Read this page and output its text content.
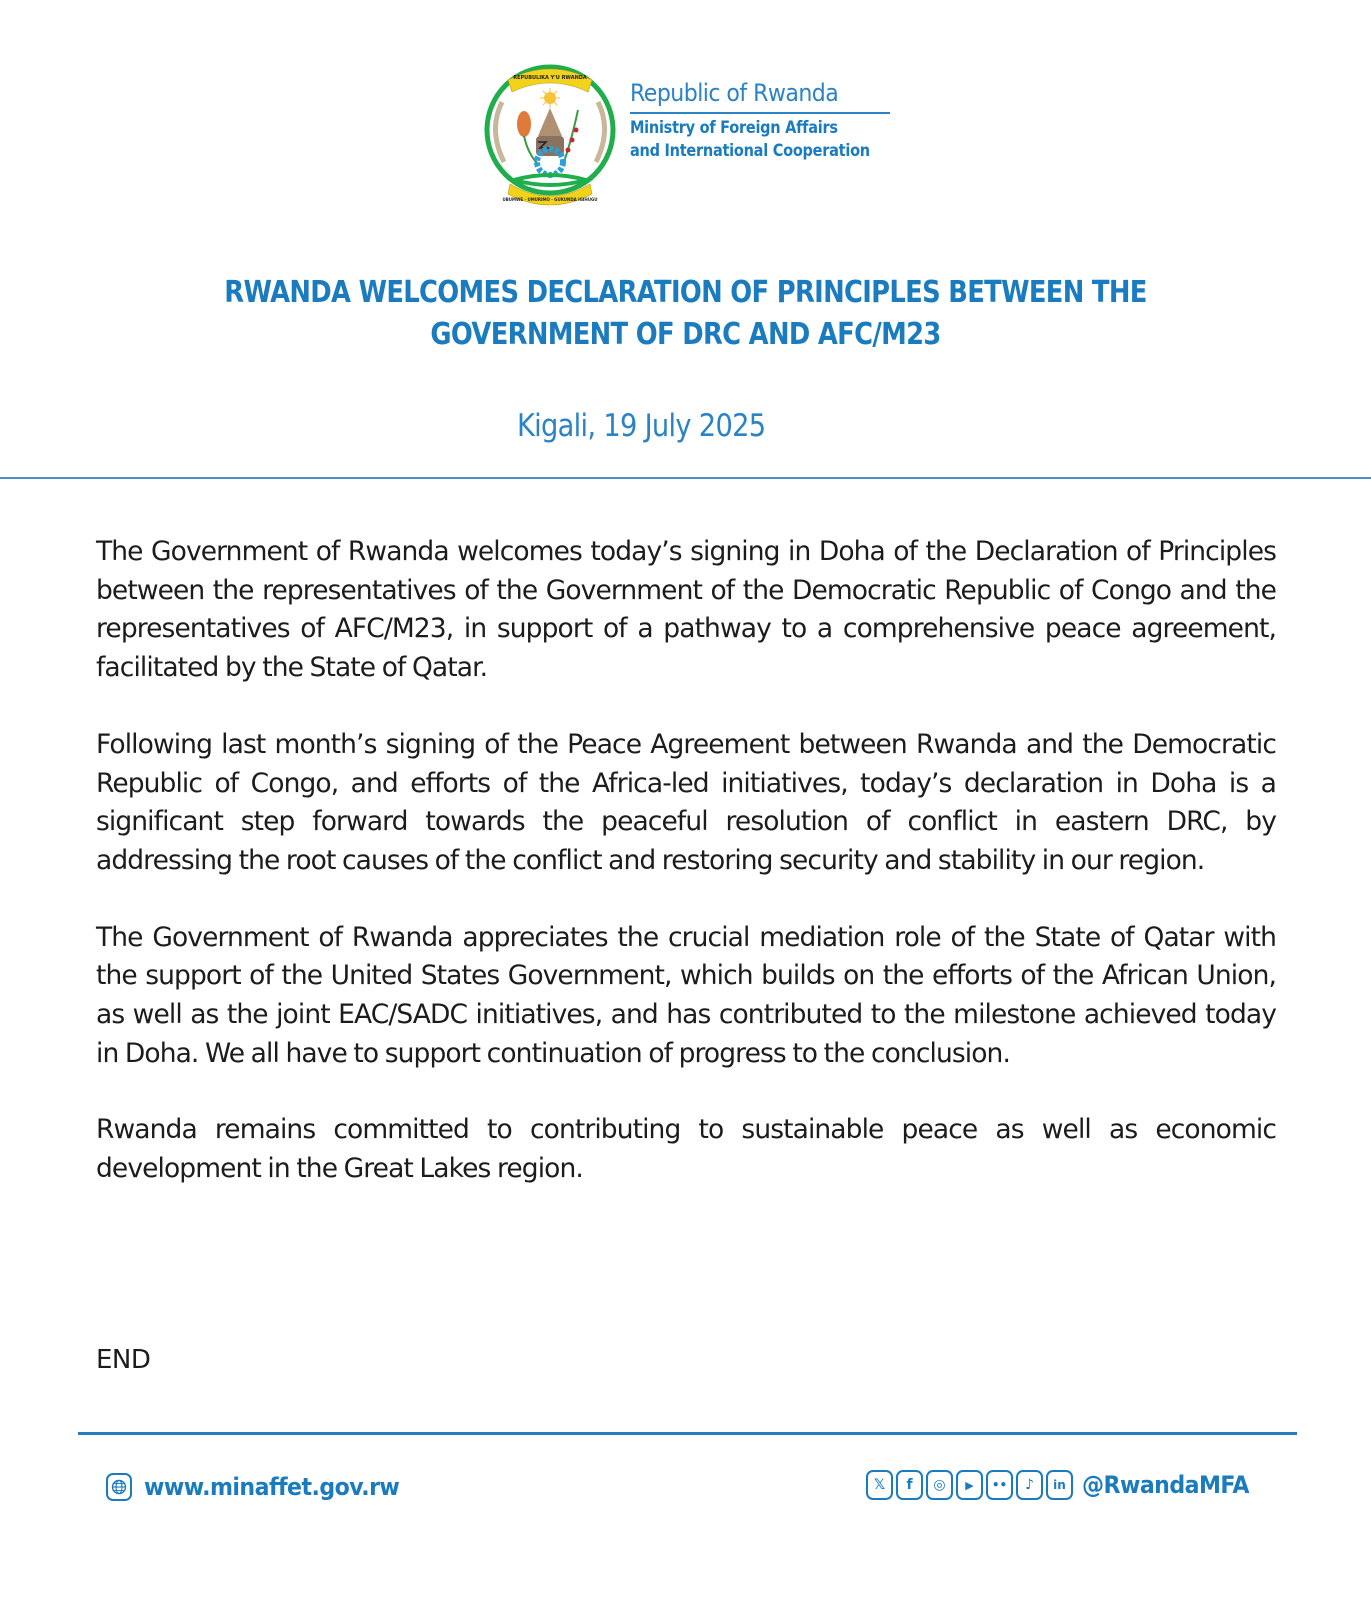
REPUBULIKA Y'U RWANDA
UBUMWE · UMURIMO · GUKUNDA IGIHUGU
Republic of Rwanda
Ministry of Foreign Affairs
and International Cooperation
RWANDA WELCOMES DECLARATION OF PRINCIPLES BETWEEN THE
GOVERNMENT OF DRC AND AFC/M23
Kigali, 19 July 2025

The Government of Rwanda welcomes today’s signing in Doha of the Declaration of Principles between the representatives of the Government of the Democratic Republic of Congo and the representatives of AFC/M23, in support of a pathway to a comprehensive peace agreement, facilitated by the State of Qatar.

Following last month’s signing of the Peace Agreement between Rwanda and the Democratic Republic of Congo, and efforts of the Africa-led initiatives, today’s declaration in Doha is a significant step forward towards the peaceful resolution of conflict in eastern DRC, by addressing the root causes of the conflict and restoring security and stability in our region.

The Government of Rwanda appreciates the crucial mediation role of the State of Qatar with the support of the United States Government, which builds on the efforts of the African Union, as well as the joint EAC/SADC initiatives, and has contributed to the milestone achieved today in Doha. We all have to support continuation of progress to the conclusion.

Rwanda remains committed to contributing to sustainable peace as well as economic development in the Great Lakes region.

END
www.minaffet.gov.rw	𝕏	f	◎	▶	••	♪	in @RwandaMFA
